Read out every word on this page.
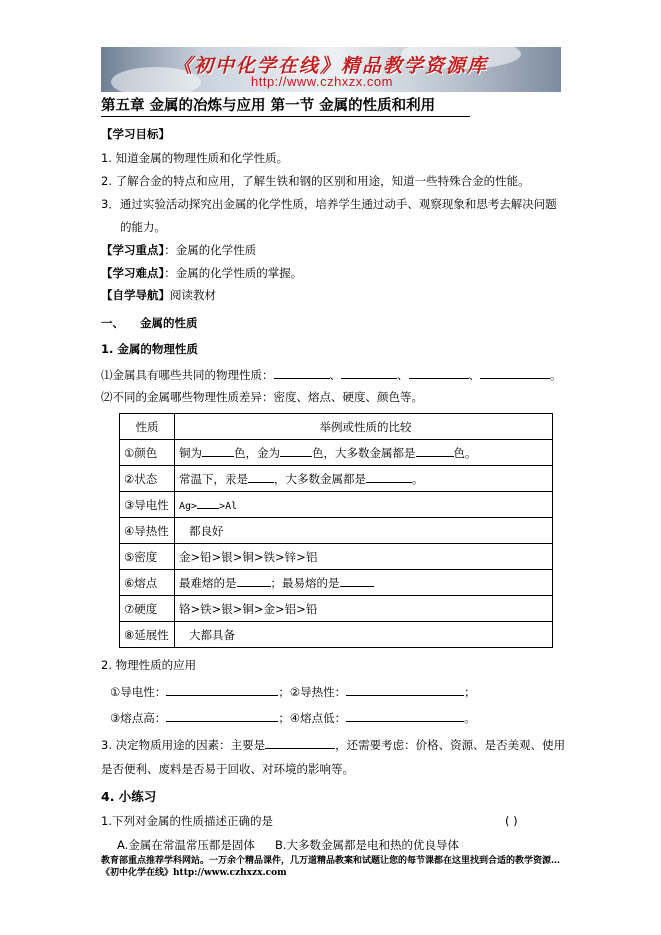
《初中化学在线》精品教学资源库
http://www.czhxzx.com
第五章 金属的冶炼与应用 第一节 金属的性质和利用
【学习目标】
1. 知道金属的物理性质和化学性质。
2. 了解合金的特点和应用，了解生铁和钢的区别和用途，知道一些特殊合金的性能。
3．通过实验活动探究出金属的化学性质，培养学生通过动手、观察现象和思考去解决问题
的能力。
【学习重点】：金属的化学性质
【学习难点】：金属的化学性质的掌握。
【自学导航】阅读教材
一、 金属的性质
1. 金属的物理性质
⑴金属具有哪些共同的物理性质：	、	、	、	。
⑵不同的金属哪些物理性质差异：密度、熔点、硬度、颜色等。
性质	举例或性质的比较
①颜色	铜为 色，金为 色，大多数金属都是 色。
②状态	常温下，汞是 ，大多数金属都是 。
③导电性	Ag> >Al
④导热性	都良好
⑤密度	金>铅>银>铜>铁>锌>铝
⑥熔点	最难熔的是 ；最易熔的是
⑦硬度	铬>铁>银>铜>金>铝>铅
⑧延展性	大都具备
2. 物理性质的应用
①导电性：	；②导热性：	；
③熔点高：	；④熔点低：	。
3. 决定物质用途的因素：主要是	，还需要考虑：价格、资源、是否美观、使用
是否便利、废料是否易于回收、对环境的影响等。
4. 小练习
1.下列对金属的性质描述正确的是	( )
A.金属在常温常压都是固体 B.大多数金属都是电和热的优良导体
教育部重点推荐学科网站。一万余个精品课件，几万道精品教案和试题让您的每节课都在这里找到合适的教学资源…《初中化学在线》http://www.czhxzx.com
